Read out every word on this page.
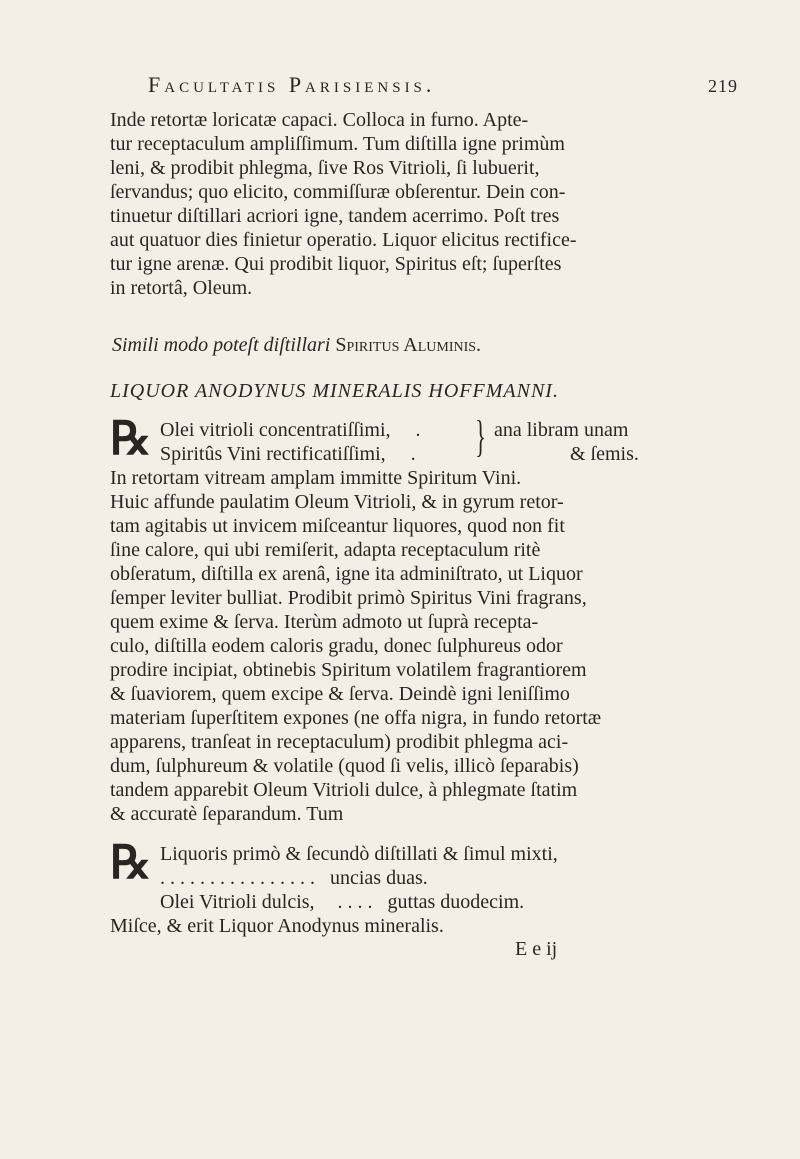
Facultatis Parisiensis.	219
Inde retortæ loricatæ capaci. Colloca in furno. Apte-
tur receptaculum ampliſſimum. Tum diſtilla igne primùm
leni, & prodibit phlegma, ſive Ros Vitrioli, ſi lubuerit,
ſervandus; quo elicito, commiſſuræ obſerentur. Dein con-
tinuetur diſtillari acriori igne, tandem acerrimo. Poſt tres
aut quatuor dies finietur operatio. Liquor elicitus rectifice-
tur igne arenæ. Qui prodibit liquor, Spiritus eſt; ſuperſtes
in retortâ, Oleum.
Simili modo poteſt diſtillari Spiritus Aluminis.
LIQUOR ANODYNUS MINERALIS HOFFMANNI.
℞ Olei vitrioli concentratiſſimi, .
Spiritûs Vini rectificatiſſimi, . } ana libram unam
& ſemis.
In retortam vitream amplam immitte Spiritum Vini.
Huic affunde paulatim Oleum Vitrioli, & in gyrum retor-
tam agitabis ut invicem miſceantur liquores, quod non fit
ſine calore, qui ubi remiſerit, adapta receptaculum ritè
obſeratum, diſtilla ex arenâ, igne ita adminiſtrato, ut Liquor
ſemper leviter bulliat. Prodibit primò Spiritus Vini fragrans,
quem exime & ſerva. Iterùm admoto ut ſuprà recepta-
culo, diſtilla eodem caloris gradu, donec ſulphureus odor
prodire incipiat, obtinebis Spiritum volatilem fragrantiorem
& ſuaviorem, quem excipe & ſerva. Deindè igni leniſſimo
materiam ſuperſtitem expones (ne offa nigra, in fundo retortæ
apparens, tranſeat in receptaculum) prodibit phlegma aci-
dum, ſulphureum & volatile (quod ſi velis, illicò ſeparabis)
tandem apparebit Oleum Vitrioli dulce, à phlegmate ſtatim
& accuratè ſeparandum. Tum
℞ Liquoris primò & ſecundò diſtillati & ſimul mixti,
. . . . . . . . . . . . . . . . uncias duas.
Olei Vitrioli dulcis, . . . . guttas duodecim.
Miſce, & erit Liquor Anodynus mineralis.
E e ij
